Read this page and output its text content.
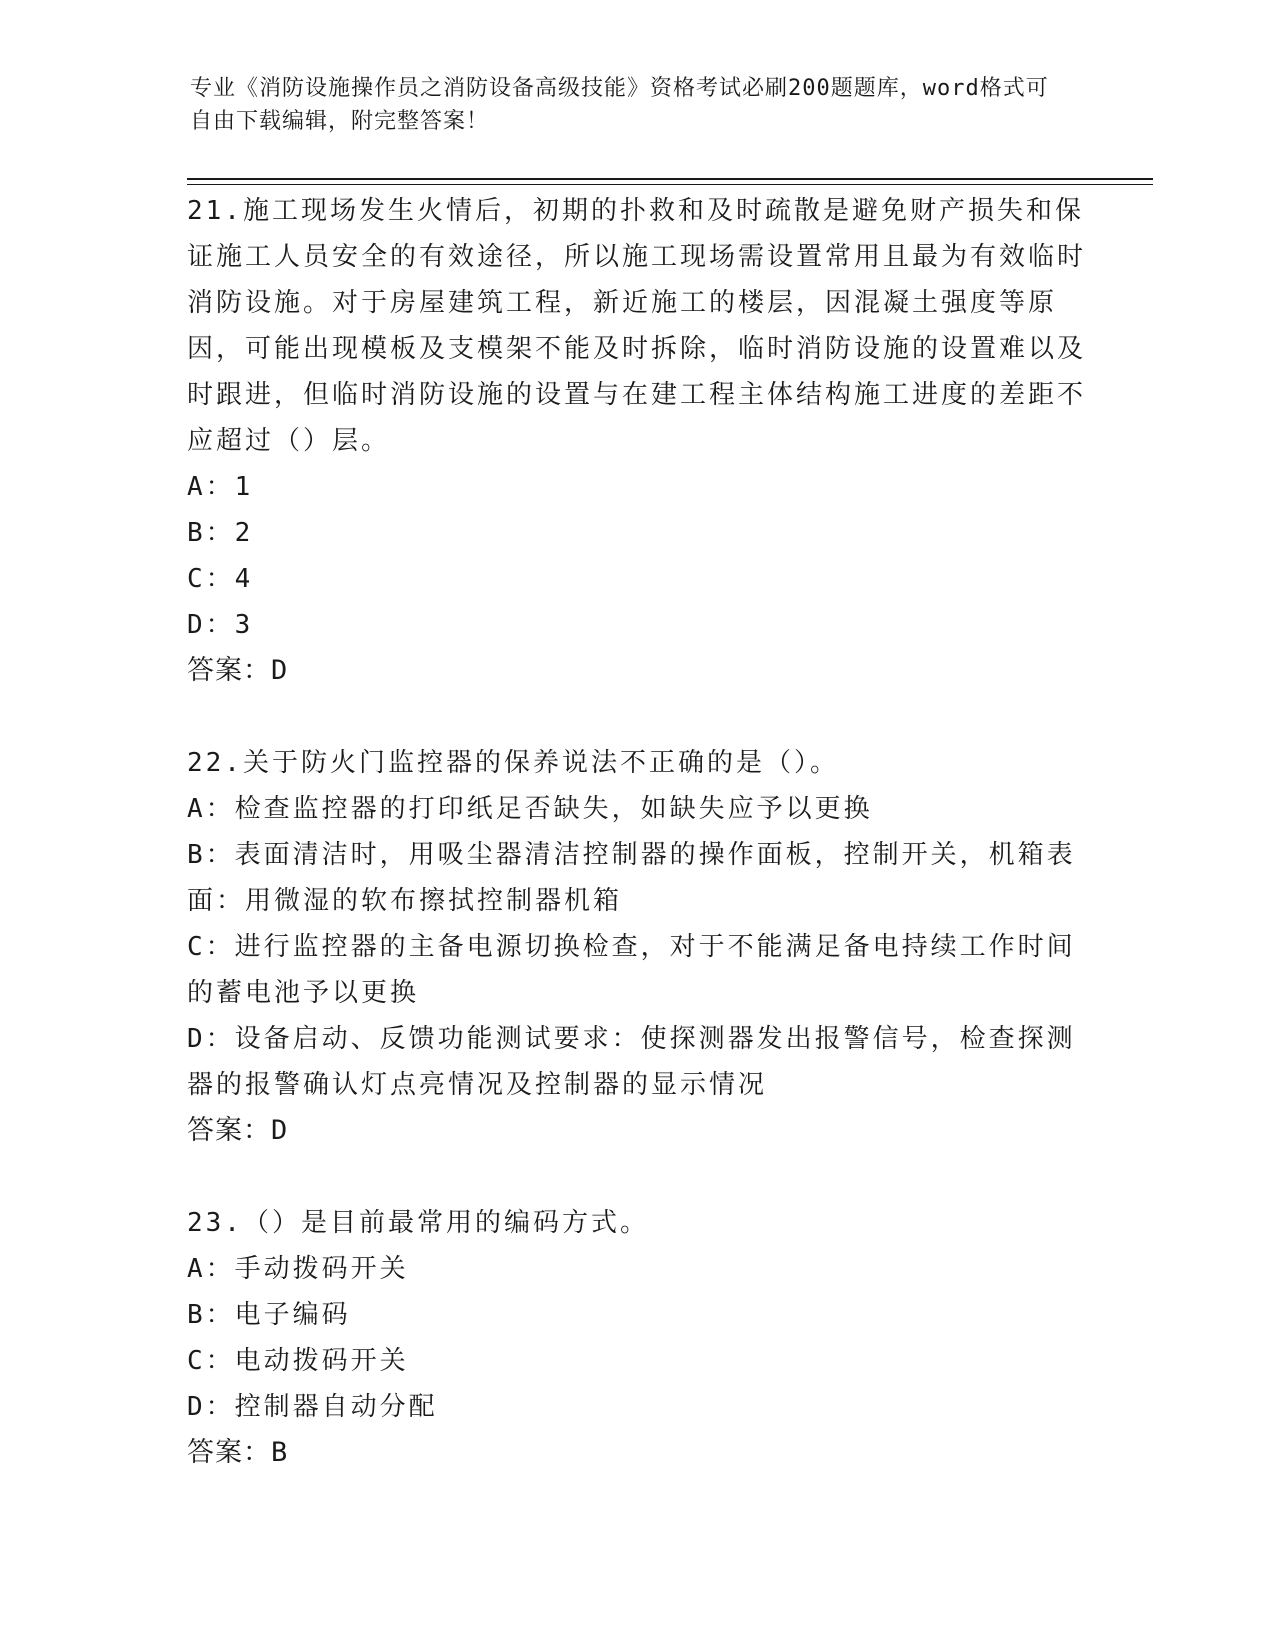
专业《消防设施操作员之消防设备高级技能》资格考试必刷200题题库，word格式可自由下载编辑，附完整答案！
21.施工现场发生火情后，初期的扑救和及时疏散是避免财产损失和保证施工人员安全的有效途径，所以施工现场需设置常用且最为有效临时消防设施。对于房屋建筑工程，新近施工的楼层，因混凝土强度等原因，可能出现模板及支模架不能及时拆除，临时消防设施的设置难以及时跟进，但临时消防设施的设置与在建工程主体结构施工进度的差距不应超过（）层。
A：1
B：2
C：4
D：3
答案：D
22.关于防火门监控器的保养说法不正确的是（）。
A：检查监控器的打印纸足否缺失，如缺失应予以更换
B：表面清洁时，用吸尘器清洁控制器的操作面板，控制开关，机箱表面：用微湿的软布擦拭控制器机箱
C：进行监控器的主备电源切换检查，对于不能满足备电持续工作时间的蓄电池予以更换
D：设备启动、反馈功能测试要求：使探测器发出报警信号，检查探测器的报警确认灯点亮情况及控制器的显示情况
答案：D
23.（）是目前最常用的编码方式。
A：手动拨码开关
B：电子编码
C：电动拨码开关
D：控制器自动分配
答案：B
